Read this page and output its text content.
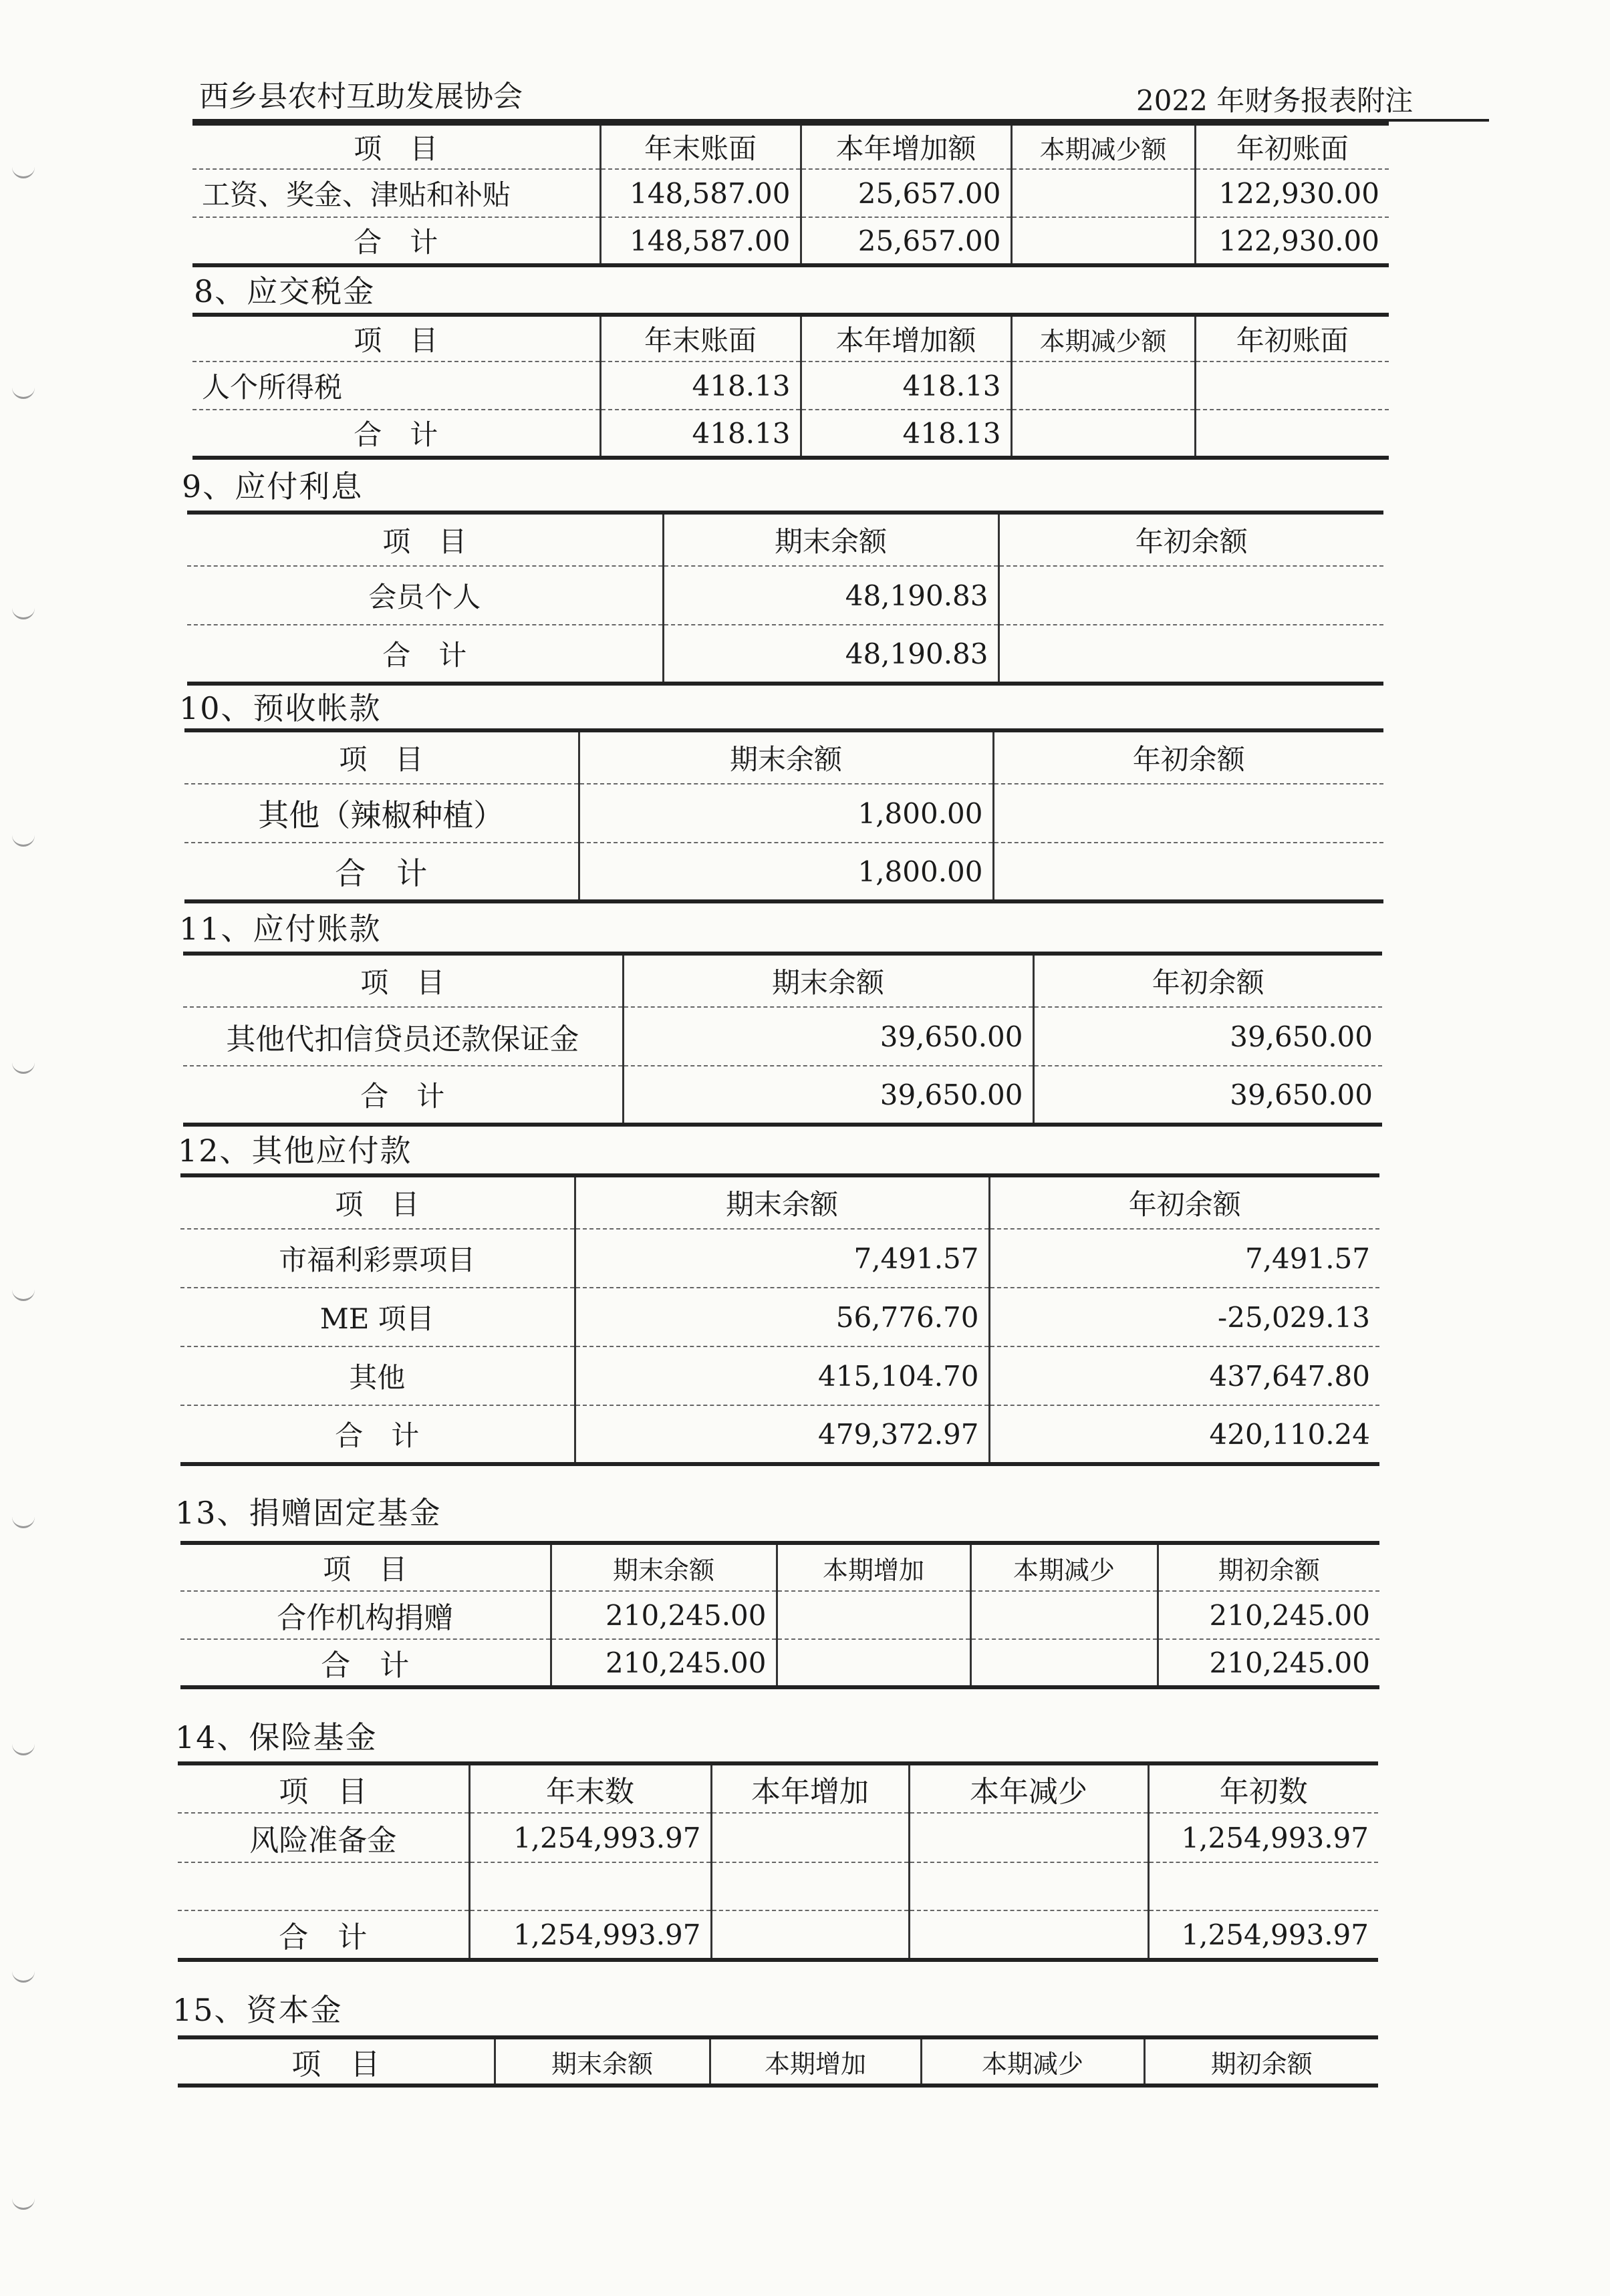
西乡县农村互助发展协会	2022 年财务报表附注
项　目	年末账面	本年增加额	本期减少额	年初账面
工资、奖金、津贴和补贴	148,587.00	25,657.00		122,930.00
合　计	148,587.00	25,657.00		122,930.00
8、应交税金
项　目	年末账面	本年增加额	本期减少额	年初账面
人个所得税	418.13	418.13		
合　计	418.13	418.13		
9、应付利息
项　目	期末余额	年初余额
会员个人	48,190.83	
合　计	48,190.83	
10、预收帐款
项　目	期末余额	年初余额
其他（辣椒种植）	1,800.00	
合　计	1,800.00	
11、应付账款
项　目	期末余额	年初余额
其他代扣信贷员还款保证金	39,650.00	39,650.00
合　计	39,650.00	39,650.00
12、其他应付款
项　目	期末余额	年初余额
市福利彩票项目	7,491.57	7,491.57
ME 项目	56,776.70	-25,029.13
其他	415,104.70	437,647.80
合　计	479,372.97	420,110.24
13、捐赠固定基金
项　目	期末余额	本期增加	本期减少	期初余额
合作机构捐赠	210,245.00			210,245.00
合　计	210,245.00			210,245.00
14、保险基金
项　目	年末数	本年增加	本年减少	年初数
风险准备金	1,254,993.97			1,254,993.97

合　计	1,254,993.97			1,254,993.97
15、资本金
项　目	期末余额	本期增加	本期减少	期初余额
